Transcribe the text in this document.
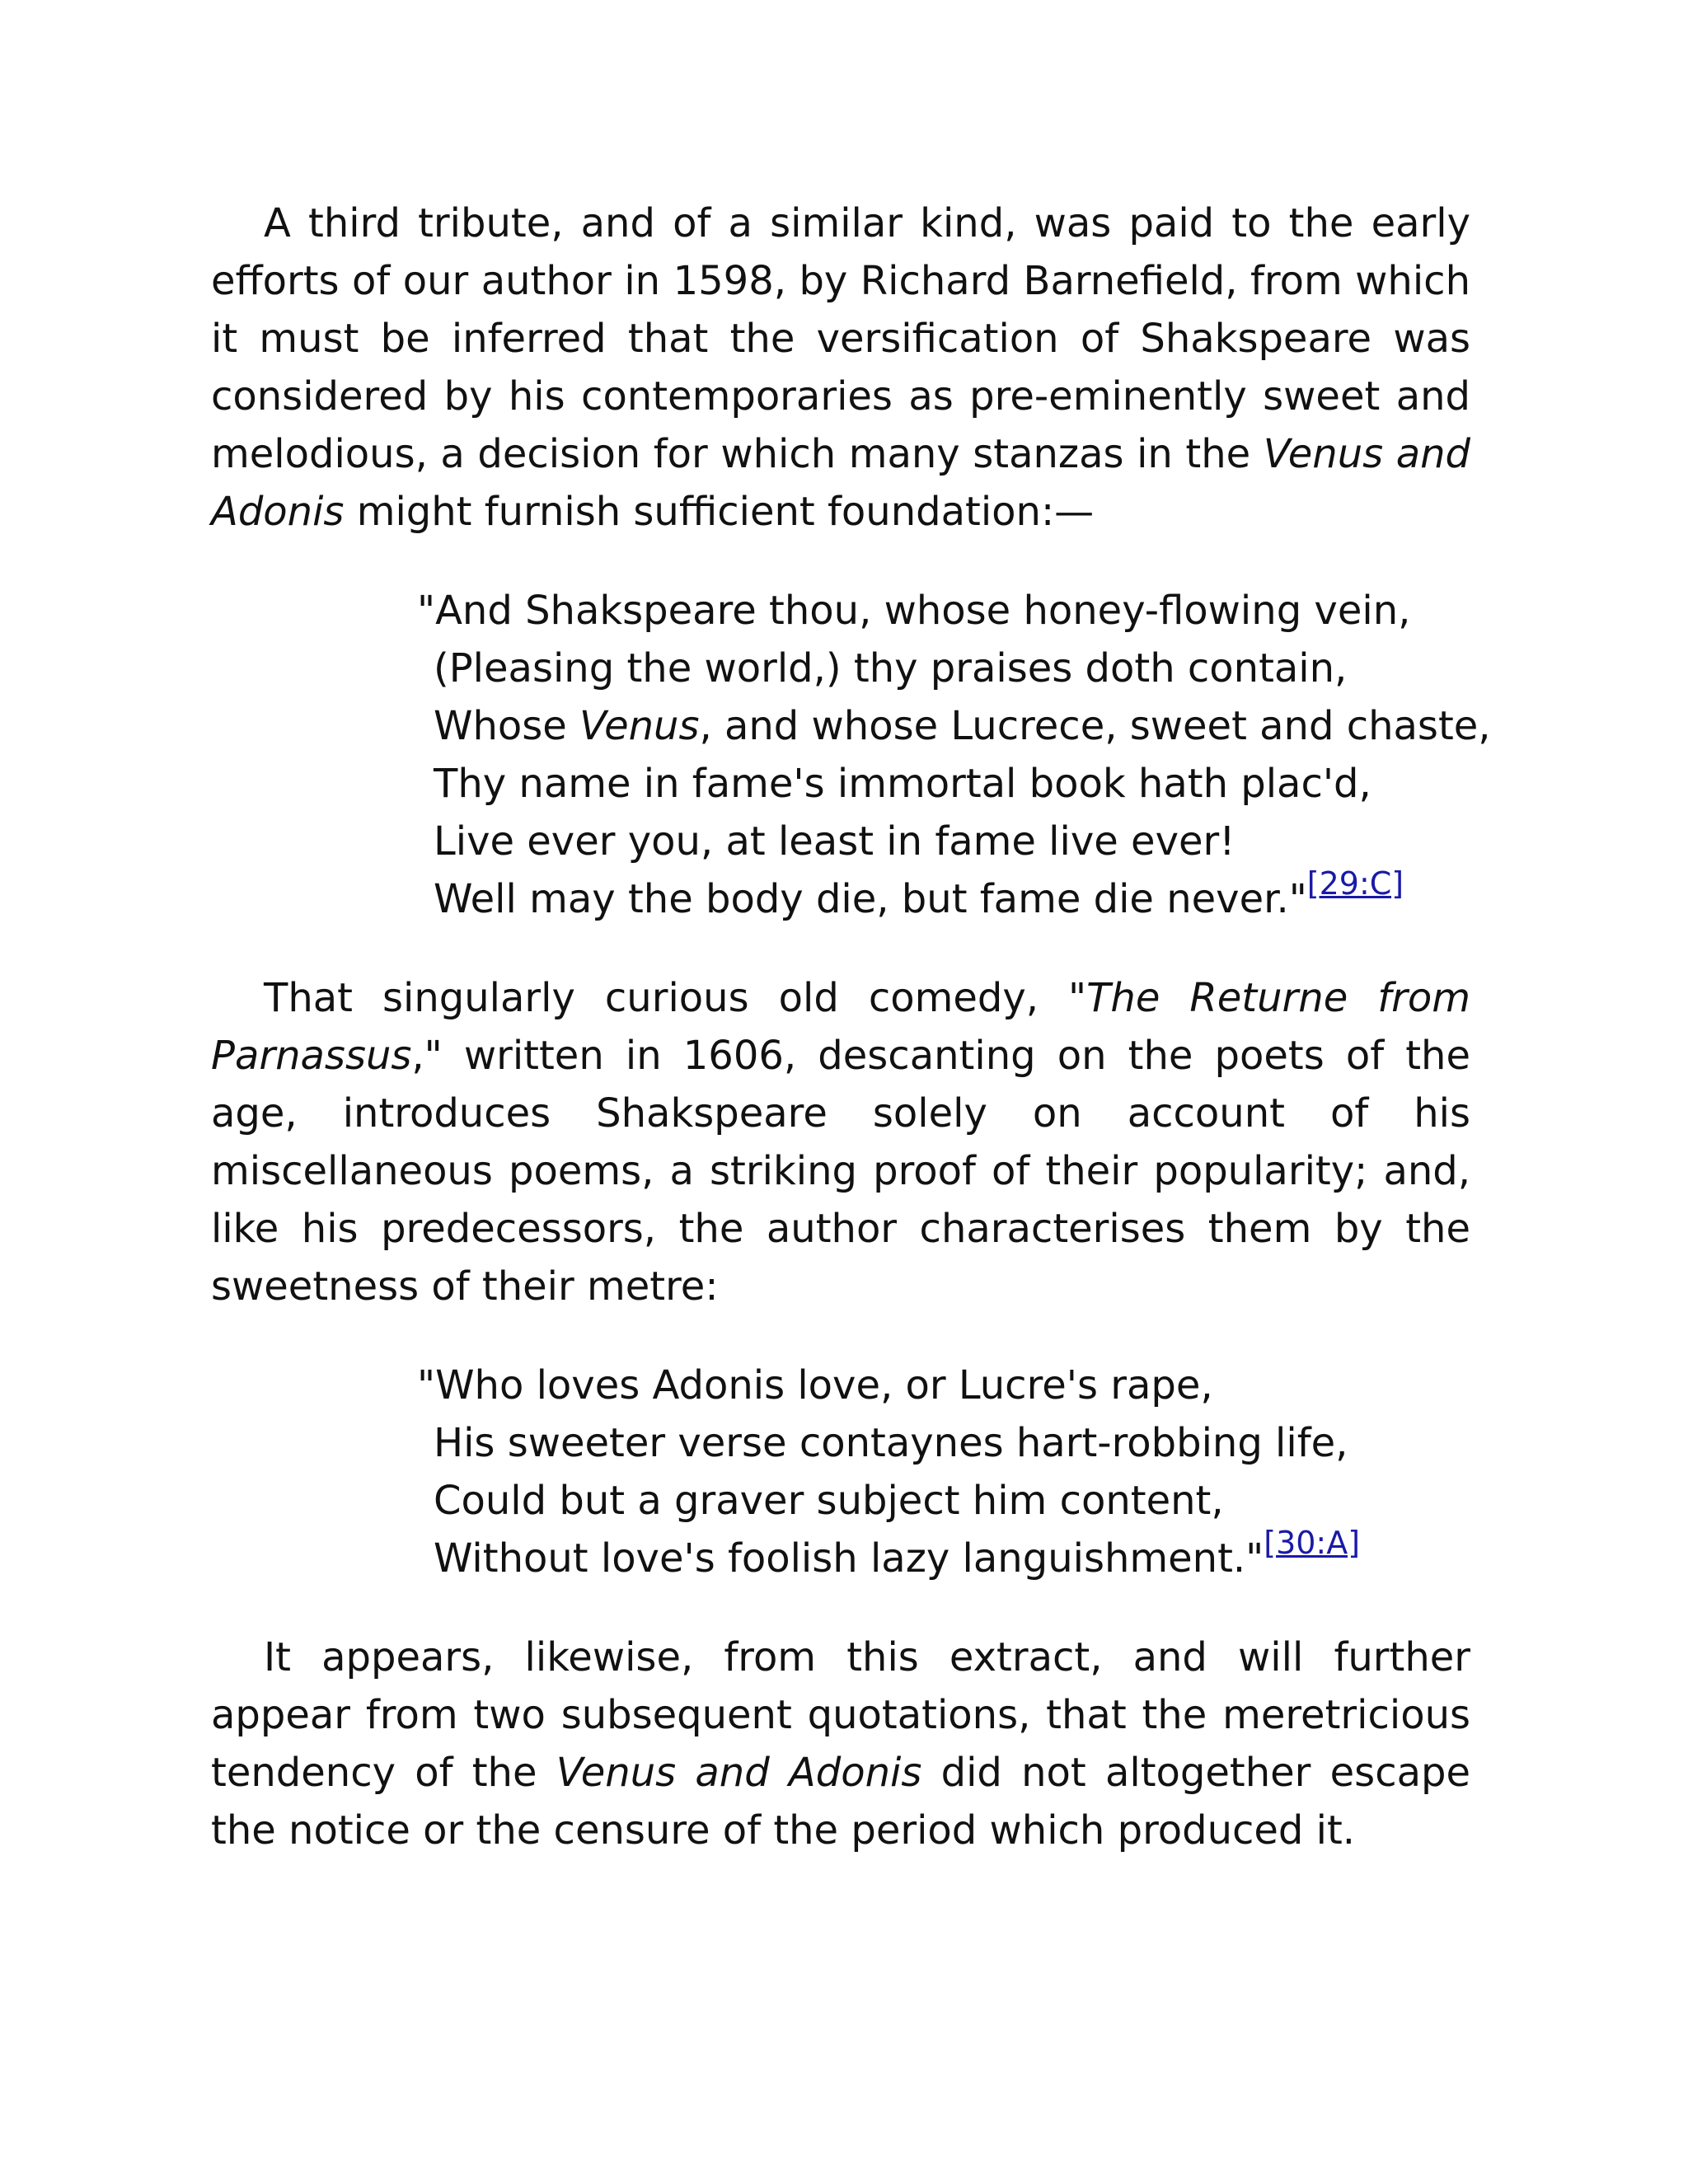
A third tribute, and of a similar kind, was paid to the early efforts of our author in 1598, by Richard Barnefield, from which it must be inferred that the versification of Shakspeare was considered by his contemporaries as pre-eminently sweet and melodious, a decision for which many stanzas in the Venus and Adonis might furnish sufficient foundation:—

"And Shakspeare thou, whose honey-flowing vein,
(Pleasing the world,) thy praises doth contain,
Whose Venus, and whose Lucrece, sweet and chaste,
Thy name in fame's immortal book hath plac'd,
Live ever you, at least in fame live ever!
Well may the body die, but fame die never."[29:C]

That singularly curious old comedy, "The Returne from Parnassus," written in 1606, descanting on the poets of the age, introduces Shakspeare solely on account of his miscellaneous poems, a striking proof of their popularity; and, like his predecessors, the author characterises them by the sweetness of their metre:

"Who loves Adonis love, or Lucre's rape,
His sweeter verse contaynes hart-robbing life,
Could but a graver subject him content,
Without love's foolish lazy languishment."[30:A]

It appears, likewise, from this extract, and will further appear from two subsequent quotations, that the meretricious tendency of the Venus and Adonis did not altogether escape the notice or the censure of the period which produced it.
